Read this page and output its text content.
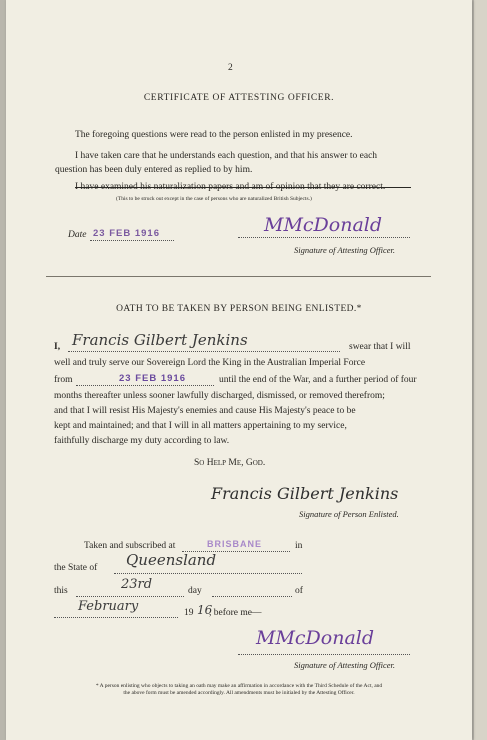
2
CERTIFICATE OF ATTESTING OFFICER.
The foregoing questions were read to the person enlisted in my presence.
I have taken care that he understands each question, and that his answer to each
question has been duly entered as replied to by him.
I have examined his naturalization papers and am of opinion that they are correct.
(This to be struck out except in the case of persons who are naturalized British Subjects.)
Date 23 FEB 1916	MMcDonald
Signature of Attesting Officer.
OATH TO BE TAKEN BY PERSON BEING ENLISTED.*
I, Francis Gilbert Jenkins	swear that I will
well and truly serve our Sovereign Lord the King in the Australian Imperial Force
from	23 FEB 1916	until the end of the War, and a further period of four
months thereafter unless sooner lawfully discharged, dismissed, or removed therefrom;
and that I will resist His Majesty's enemies and cause His Majesty's peace to be
kept and maintained; and that I will in all matters appertaining to my service,
faithfully discharge my duty according to law.
So Help Me, God.
Francis Gilbert Jenkins
Signature of Person Enlisted.
Taken and subscribed at	BRISBANE	in
the State of Queensland
this	23rd	day	of
February	19 16
, before me—
MMcDonald
Signature of Attesting Officer.
* A person enlisting who objects to taking an oath may make an affirmation in accordance with the Third Schedule of the Act, and
the above form must be amended accordingly. All amendments must be initialed by the Attesting Officer.
